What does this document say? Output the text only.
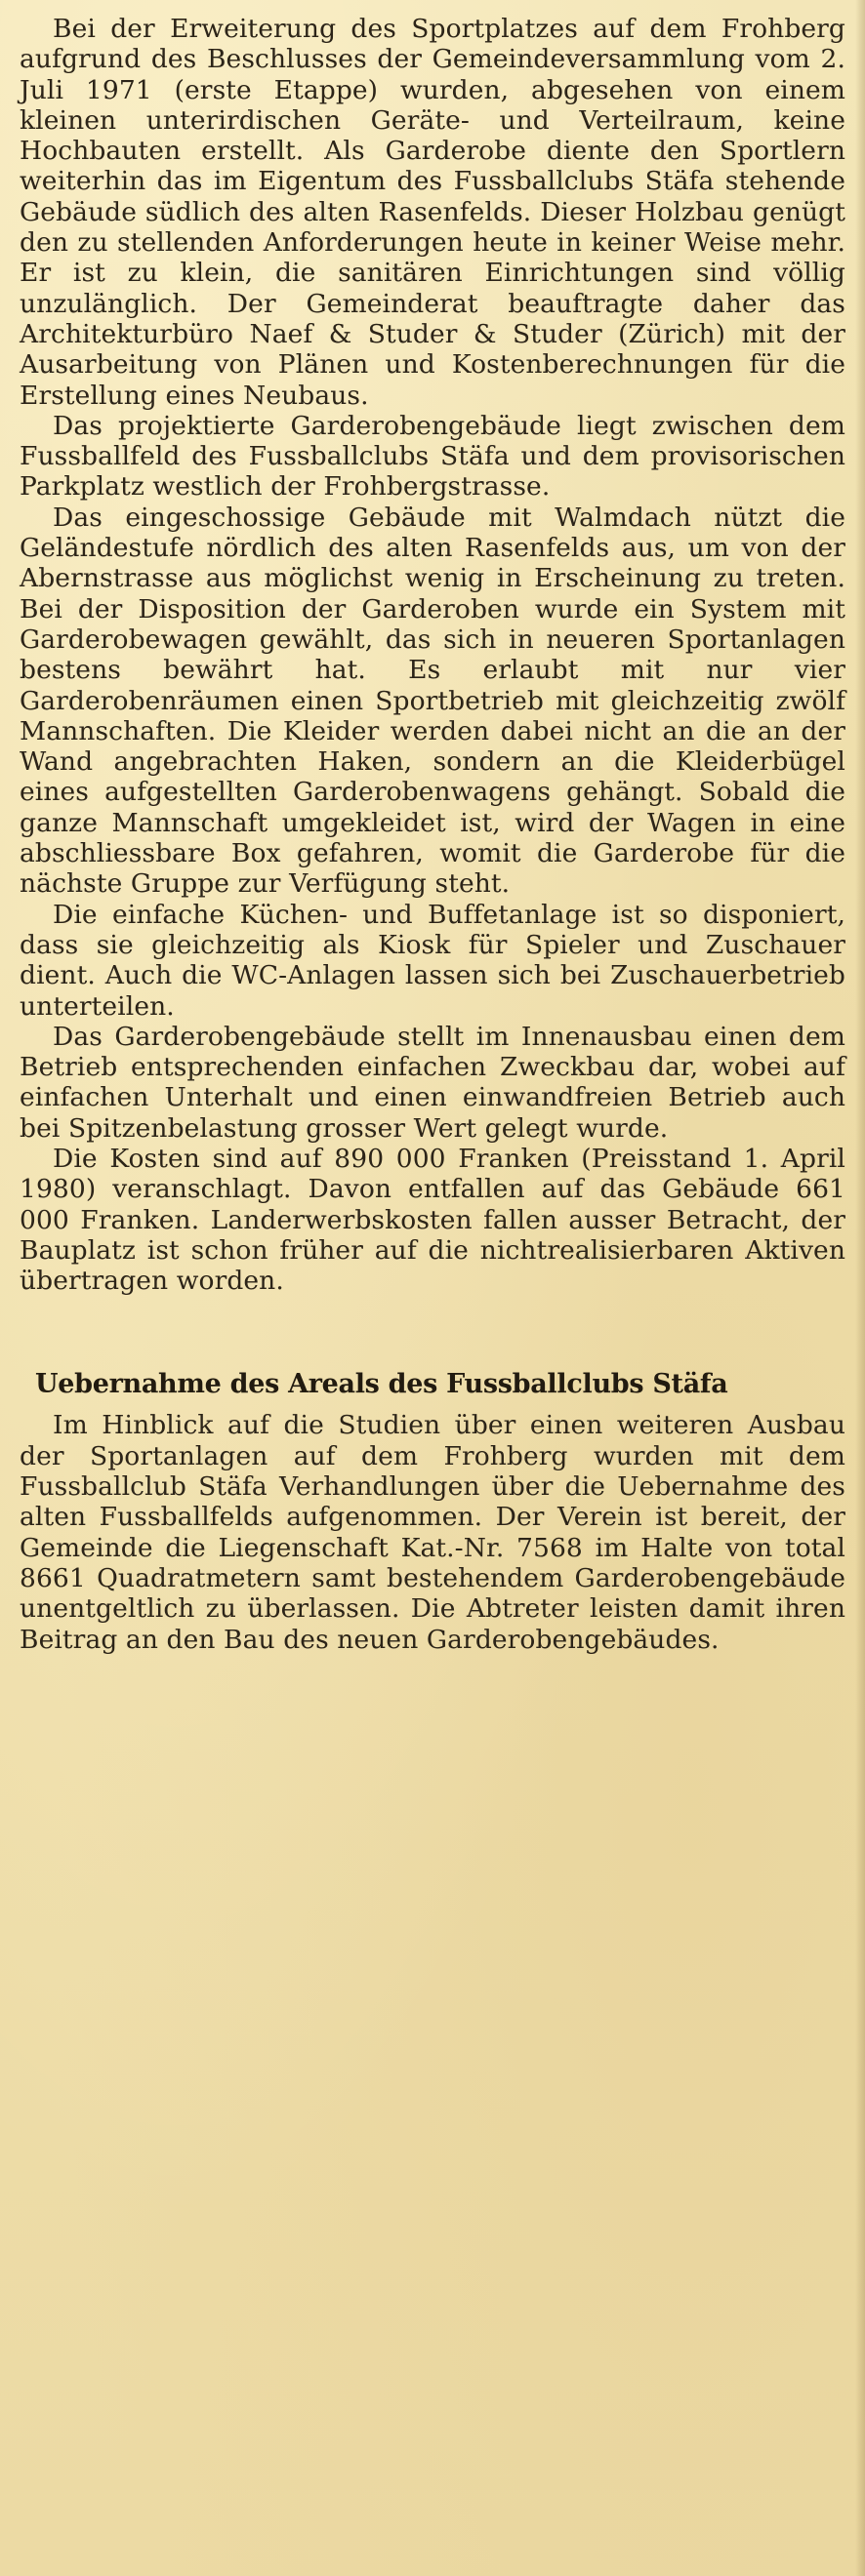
Bei der Erweiterung des Sportplatzes auf dem Frohberg aufgrund des Beschlusses der Gemeindeversammlung vom 2. Juli 1971 (erste Etappe) wurden, abgesehen von einem kleinen unterirdischen Geräte- und Verteilraum, keine Hochbauten erstellt. Als Garderobe diente den Sportlern weiterhin das im Eigentum des Fussballclubs Stäfa stehende Gebäude südlich des alten Rasenfelds. Dieser Holzbau genügt den zu stellenden Anforderungen heute in keiner Weise mehr. Er ist zu klein, die sanitären Einrichtungen sind völlig unzulänglich. Der Gemeinderat beauftragte daher das Architekturbüro Naef & Studer & Studer (Zürich) mit der Ausarbeitung von Plänen und Kostenberechnungen für die Erstellung eines Neubaus.

Das projektierte Garderobengebäude liegt zwischen dem Fussballfeld des Fussballclubs Stäfa und dem provisorischen Parkplatz westlich der Frohbergstrasse.

Das eingeschossige Gebäude mit Walmdach nützt die Geländestufe nördlich des alten Rasenfelds aus, um von der Abernstrasse aus möglichst wenig in Erscheinung zu treten. Bei der Disposition der Garderoben wurde ein System mit Garderobewagen gewählt, das sich in neueren Sportanlagen bestens bewährt hat. Es erlaubt mit nur vier Garderobenräumen einen Sportbetrieb mit gleichzeitig zwölf Mannschaften. Die Kleider werden dabei nicht an die an der Wand angebrachten Haken, sondern an die Kleiderbügel eines aufgestellten Garderobenwagens gehängt. Sobald die ganze Mannschaft umgekleidet ist, wird der Wagen in eine abschliessbare Box gefahren, womit die Garderobe für die nächste Gruppe zur Verfügung steht.

Die einfache Küchen- und Buffetanlage ist so disponiert, dass sie gleichzeitig als Kiosk für Spieler und Zuschauer dient. Auch die WC-Anlagen lassen sich bei Zuschauerbetrieb unterteilen.

Das Garderobengebäude stellt im Innenausbau einen dem Betrieb entsprechenden einfachen Zweckbau dar, wobei auf einfachen Unterhalt und einen einwandfreien Betrieb auch bei Spitzenbelastung grosser Wert gelegt wurde.

Die Kosten sind auf 890 000 Franken (Preisstand 1. April 1980) veranschlagt. Davon entfallen auf das Gebäude 661 000 Franken. Landerwerbskosten fallen ausser Betracht, der Bauplatz ist schon früher auf die nichtrealisierbaren Aktiven übertragen worden.

Uebernahme des Areals des Fussballclubs Stäfa

Im Hinblick auf die Studien über einen weiteren Ausbau der Sportanlagen auf dem Frohberg wurden mit dem Fussballclub Stäfa Verhandlungen über die Uebernahme des alten Fussballfelds aufgenommen. Der Verein ist bereit, der Gemeinde die Liegenschaft Kat.-Nr. 7568 im Halte von total 8661 Quadratmetern samt bestehendem Garderobengebäude unentgeltlich zu überlassen. Die Abtreter leisten damit ihren Beitrag an den Bau des neuen Garderobengebäudes.
